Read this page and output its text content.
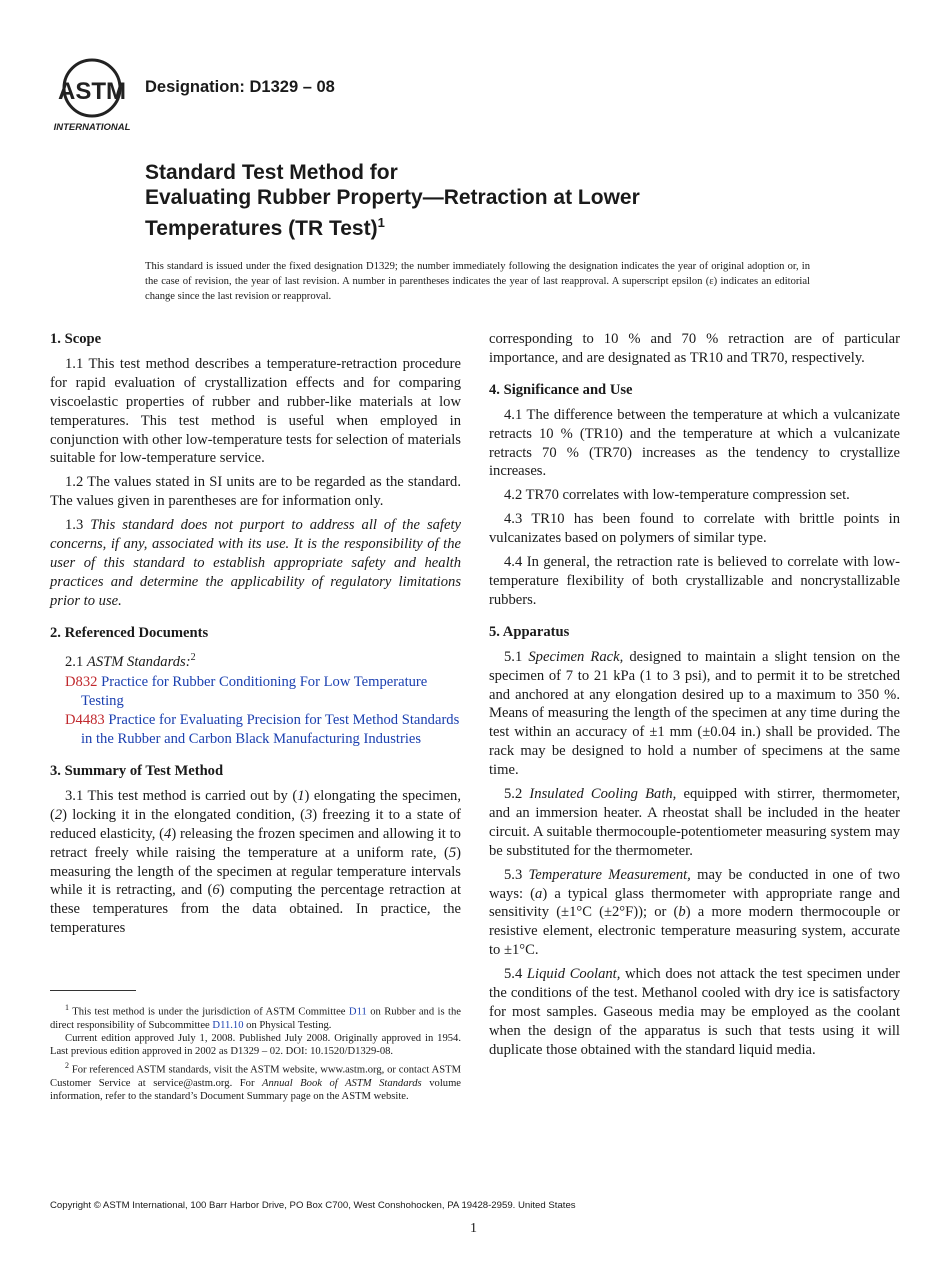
ASTM
INTERNATIONAL
Designation: D1329 – 08
Standard Test Method for
Evaluating Rubber Property—Retraction at Lower
Temperatures (TR Test)$^1$
This standard is issued under the fixed designation D1329; the number immediately following the designation indicates the year of original adoption or, in the case of revision, the year of last revision. A number in parentheses indicates the year of last reapproval. A superscript epsilon (ε) indicates an editorial change since the last revision or reapproval.
1. Scope

1.1 This test method describes a temperature-retraction procedure for rapid evaluation of crystallization effects and for comparing viscoelastic properties of rubber and rubber-like materials at low temperatures. This test method is useful when employed in conjunction with other low-temperature tests for selection of materials suitable for low-temperature service.

1.2 The values stated in SI units are to be regarded as the standard. The values given in parentheses are for information only.

1.3 This standard does not purport to address all of the safety concerns, if any, associated with its use. It is the responsibility of the user of this standard to establish appropriate safety and health practices and determine the applicability of regulatory limitations prior to use.

2. Referenced Documents

2.1 ASTM Standards:$^2$

D832 Practice for Rubber Conditioning For Low Temperature Testing

D4483 Practice for Evaluating Precision for Test Method Standards in the Rubber and Carbon Black Manufacturing Industries

3. Summary of Test Method

3.1 This test method is carried out by (1) elongating the specimen, (2) locking it in the elongated condition, (3) freezing it to a state of reduced elasticity, (4) releasing the frozen specimen and allowing it to retract freely while raising the temperature at a uniform rate, (5) measuring the length of the specimen at regular temperature intervals while it is retracting, and (6) computing the percentage retraction at these temperatures from the data obtained. In practice, the temperatures

$^1$ This test method is under the jurisdiction of ASTM Committee D11 on Rubber and is the direct responsibility of Subcommittee D11.10 on Physical Testing.

Current edition approved July 1, 2008. Published July 2008. Originally approved in 1954. Last previous edition approved in 2002 as D1329 – 02. DOI: 10.1520/D1329-08.

$^2$ For referenced ASTM standards, visit the ASTM website, www.astm.org, or contact ASTM Customer Service at service@astm.org. For Annual Book of ASTM Standards volume information, refer to the standard’s Document Summary page on the ASTM website.

corresponding to 10 % and 70 % retraction are of particular importance, and are designated as TR10 and TR70, respectively.

4. Significance and Use

4.1 The difference between the temperature at which a vulcanizate retracts 10 % (TR10) and the temperature at which a vulcanizate retracts 70 % (TR70) increases as the tendency to crystallize increases.

4.2 TR70 correlates with low-temperature compression set.

4.3 TR10 has been found to correlate with brittle points in vulcanizates based on polymers of similar type.

4.4 In general, the retraction rate is believed to correlate with low-temperature flexibility of both crystallizable and noncrystallizable rubbers.

5. Apparatus

5.1 Specimen Rack, designed to maintain a slight tension on the specimen of 7 to 21 kPa (1 to 3 psi), and to permit it to be stretched and anchored at any elongation desired up to a maximum to 350 %. Means of measuring the length of the specimen at any time during the test within an accuracy of ±1 mm (±0.04 in.) shall be provided. The rack may be designed to hold a number of specimens at the same time.

5.2 Insulated Cooling Bath, equipped with stirrer, thermometer, and an immersion heater. A rheostat shall be included in the heater circuit. A suitable thermocouple-potentiometer measuring system may be substituted for the thermometer.

5.3 Temperature Measurement, may be conducted in one of two ways: (a) a typical glass thermometer with appropriate range and sensitivity (±1°C (±2°F)); or (b) a more modern thermocouple or resistive element, electronic temperature measuring system, accurate to ±1°C.

5.4 Liquid Coolant, which does not attack the test specimen under the conditions of the test. Methanol cooled with dry ice is satisfactory for most samples. Gaseous media may be employed as the coolant when the design of the apparatus is such that tests using it will duplicate those obtained with the standard liquid media.

Copyright © ASTM International, 100 Barr Harbor Drive, PO Box C700, West Conshohocken, PA 19428-2959. United States
1
